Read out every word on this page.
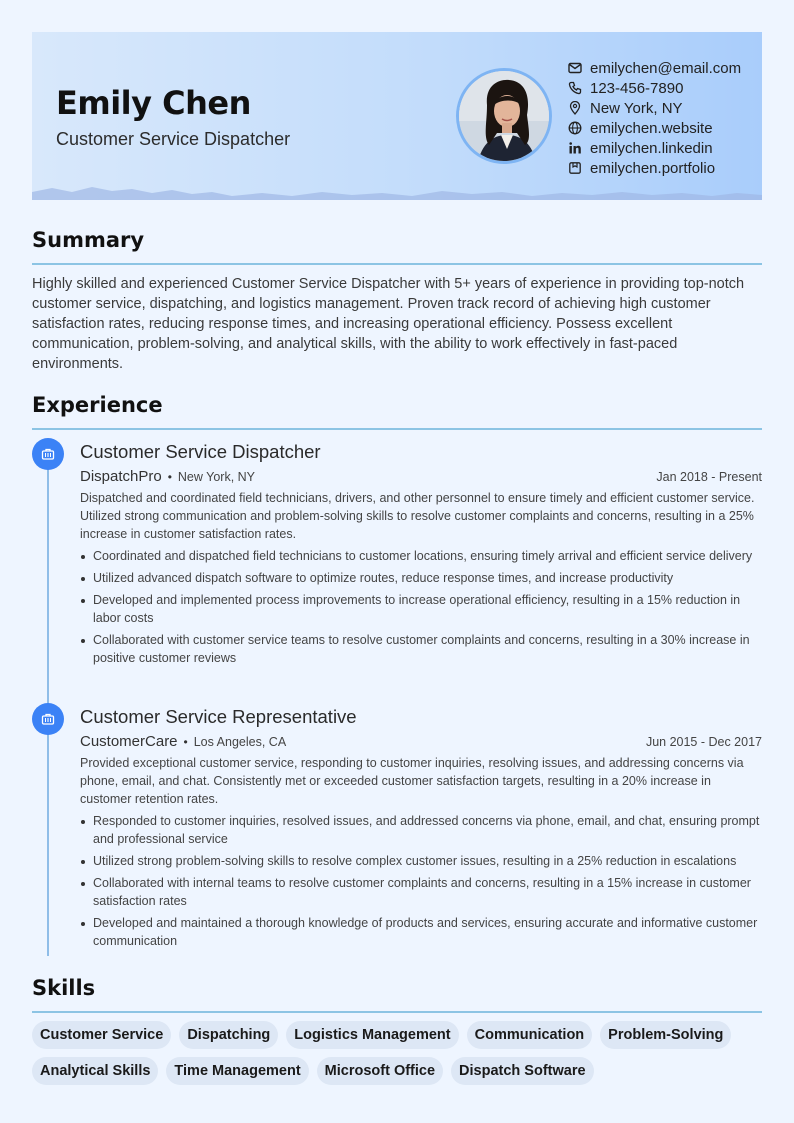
Emily Chen
Customer Service Dispatcher
emilychen@email.com
123-456-7890
New York, NY
emilychen.website
emilychen.linkedin
emilychen.portfolio
Summary
Highly skilled and experienced Customer Service Dispatcher with 5+ years of experience in providing top-notch customer service, dispatching, and logistics management. Proven track record of achieving high customer satisfaction rates, reducing response times, and increasing operational efficiency. Possess excellent communication, problem-solving, and analytical skills, with the ability to work effectively in fast-paced environments.
Experience
Customer Service Dispatcher
DispatchPro • New York, NY	Jan 2018 - Present
Dispatched and coordinated field technicians, drivers, and other personnel to ensure timely and efficient customer service. Utilized strong communication and problem-solving skills to resolve customer complaints and concerns, resulting in a 25% increase in customer satisfaction rates.
Coordinated and dispatched field technicians to customer locations, ensuring timely arrival and efficient service delivery
Utilized advanced dispatch software to optimize routes, reduce response times, and increase productivity
Developed and implemented process improvements to increase operational efficiency, resulting in a 15% reduction in labor costs
Collaborated with customer service teams to resolve customer complaints and concerns, resulting in a 30% increase in positive customer reviews
Customer Service Representative
CustomerCare • Los Angeles, CA	Jun 2015 - Dec 2017
Provided exceptional customer service, responding to customer inquiries, resolving issues, and addressing concerns via phone, email, and chat. Consistently met or exceeded customer satisfaction targets, resulting in a 20% increase in customer retention rates.
Responded to customer inquiries, resolved issues, and addressed concerns via phone, email, and chat, ensuring prompt and professional service
Utilized strong problem-solving skills to resolve complex customer issues, resulting in a 25% reduction in escalations
Collaborated with internal teams to resolve customer complaints and concerns, resulting in a 15% increase in customer satisfaction rates
Developed and maintained a thorough knowledge of products and services, ensuring accurate and informative customer communication
Skills
Customer Service	Dispatching	Logistics Management	Communication	Problem-Solving
Analytical Skills	Time Management	Microsoft Office	Dispatch Software
